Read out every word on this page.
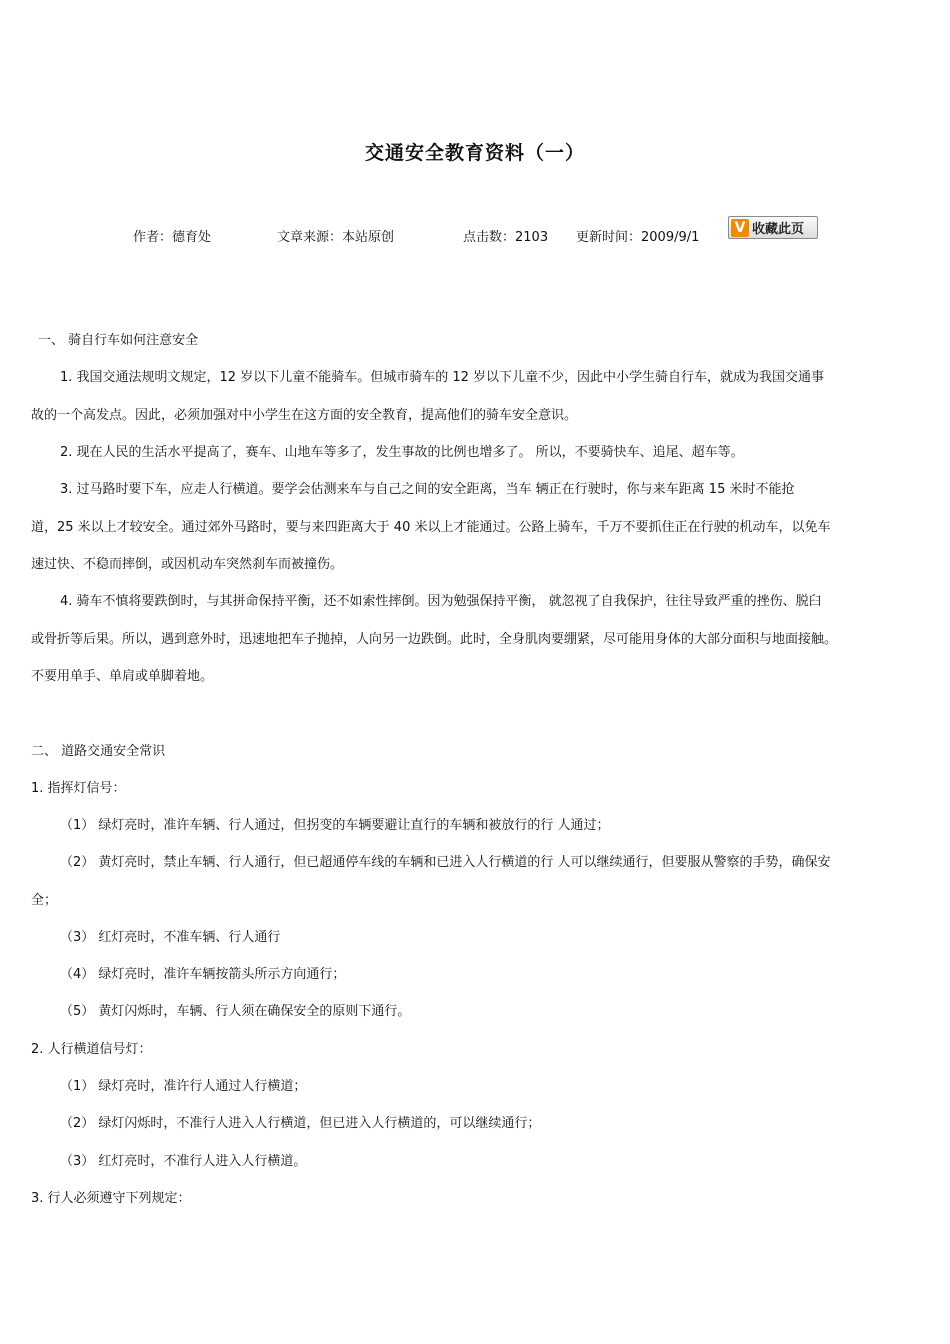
交通安全教育资料（一）
作者：德育处	文章来源：本站原创	点击数：2103 更新时间：2009/9/1
V 收藏此页
一、 骑自行车如何注意安全
1. 我国交通法规明文规定，12 岁以下儿童不能骑车。但城市骑车的 12 岁以下儿童不少，因此中小学生骑自行车，就成为我国交通事
故的一个高发点。因此，必须加强对中小学生在这方面的安全教育，提高他们的骑车安全意识。
2. 现在人民的生活水平提高了，赛车、山地车等多了，发生事故的比例也增多了。 所以，不要骑快车、追尾、超车等。
3. 过马路时要下车，应走人行横道。要学会估测来车与自己之间的安全距离，当车 辆正在行驶时，你与来车距离 15 米时不能抢
道，25 米以上才较安全。通过郊外马路时，要与来四距离大于 40 米以上才能通过。公路上骑车，千万不要抓住正在行驶的机动车，以免车
速过快、不稳而摔倒，或因机动车突然刹车而被撞伤。
4. 骑车不慎将要跌倒时，与其拼命保持平衡，还不如索性摔倒。因为勉强保持平衡， 就忽视了自我保护，往往导致严重的挫伤、脱臼
或骨折等后果。所以，遇到意外时，迅速地把车子抛掉，人向另一边跌倒。此时，全身肌肉要绷紧，尽可能用身体的大部分面积与地面接触。
不要用单手、单肩或单脚着地。
二、 道路交通安全常识
1. 指挥灯信号：
（1） 绿灯亮时，准许车辆、行人通过，但拐变的车辆要避让直行的车辆和被放行的行 人通过；
（2） 黄灯亮时，禁止车辆、行人通行，但已超通停车线的车辆和已进入人行横道的行 人可以继续通行，但要服从警察的手势，确保安
全；
（3） 红灯亮时，不准车辆、行人通行
（4） 绿灯亮时，准许车辆按箭头所示方向通行；
（5） 黄灯闪烁时，车辆、行人须在确保安全的原则下通行。
2. 人行横道信号灯：
（1） 绿灯亮时，准许行人通过人行横道；
（2） 绿灯闪烁时，不准行人进入人行横道，但已进入人行横道的，可以继续通行；
（3） 红灯亮时，不准行人进入人行横道。
3. 行人必须遵守下列规定：
